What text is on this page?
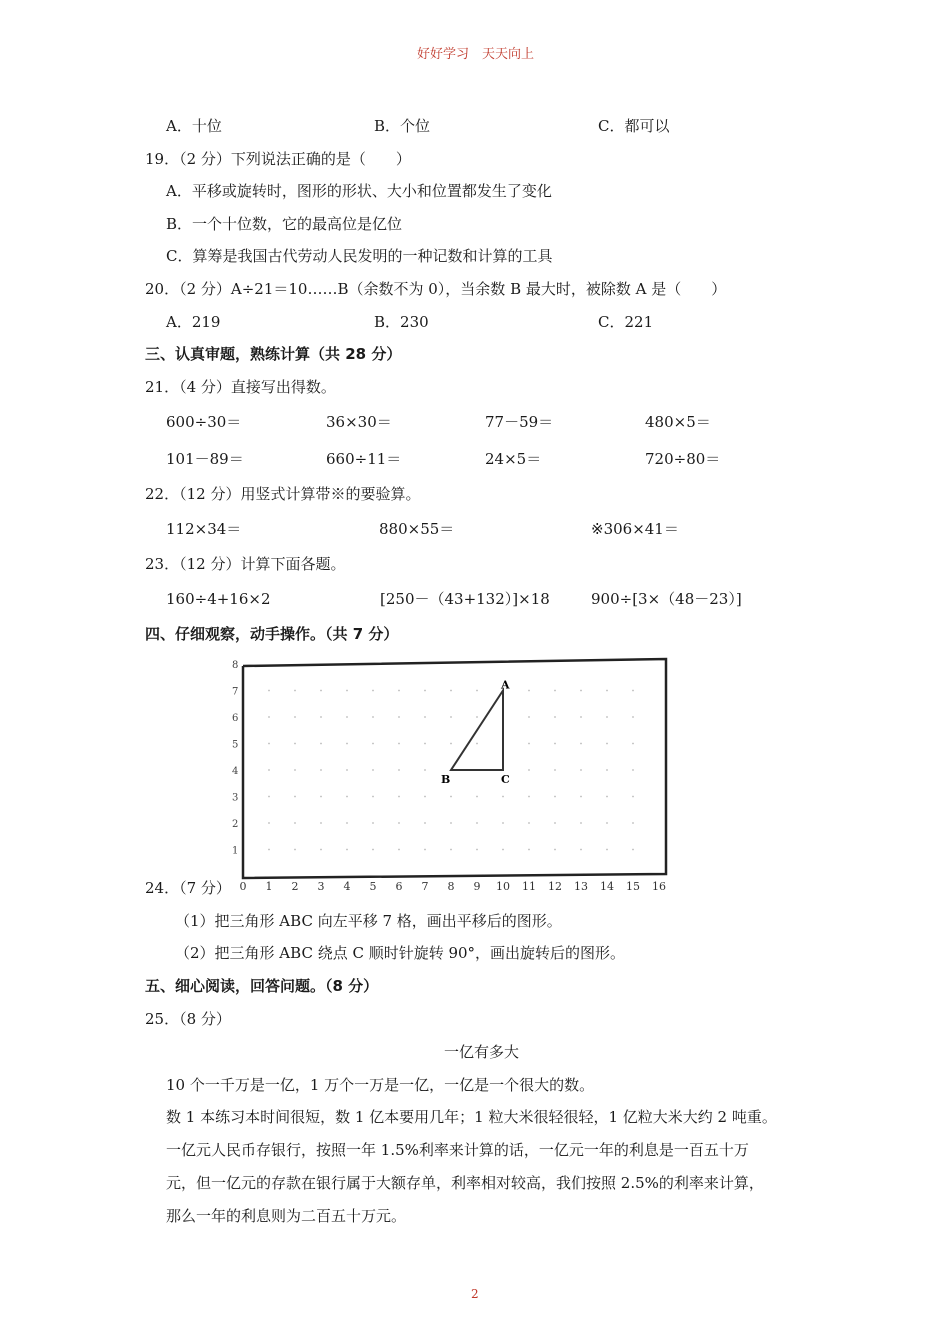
好好学习　天天向上
A．十位	B．个位	C．都可以
19．（2 分）下列说法正确的是（　　）
A．平移或旋转时，图形的形状、大小和位置都发生了变化
B．一个十位数，它的最高位是亿位
C．算筹是我国古代劳动人民发明的一种记数和计算的工具
20．（2 分）A÷21＝10……B（余数不为 0），当余数 B 最大时，被除数 A 是（　　）
A．219	B．230	C．221
三、认真审题，熟练计算（共 28 分）
21．（4 分）直接写出得数。
600÷30＝	36×30＝	77－59＝	480×5＝
101－89＝	660÷11＝	24×5＝	720÷80＝
22．（12 分）用竖式计算带※的要验算。
112×34＝	880×55＝	※306×41＝
23．（12 分）计算下面各题。
160÷4+16×2	[250－（43+132）]×18	900÷[3×（48－23）]
四、仔细观察，动手操作。（共 7 分）
1
2
3
4
5
6
7
8
0 1 2 3 4 5 6 7 8 9 10 11 12 13 14 15 16
A
B	C
24．（7 分）
（1）把三角形 ABC 向左平移 7 格，画出平移后的图形。
（2）把三角形 ABC 绕点 C 顺时针旋转 90°，画出旋转后的图形。
五、细心阅读，回答问题。（8 分）
25．（8 分）
一亿有多大
10 个一千万是一亿，1 万个一万是一亿，一亿是一个很大的数。
数 1 本练习本时间很短，数 1 亿本要用几年；1 粒大米很轻很轻，1 亿粒大米大约 2 吨重。
一亿元人民币存银行，按照一年 1.5%利率来计算的话，一亿元一年的利息是一百五十万
元，但一亿元的存款在银行属于大额存单，利率相对较高，我们按照 2.5%的利率来计算，
那么一年的利息则为二百五十万元。
2
